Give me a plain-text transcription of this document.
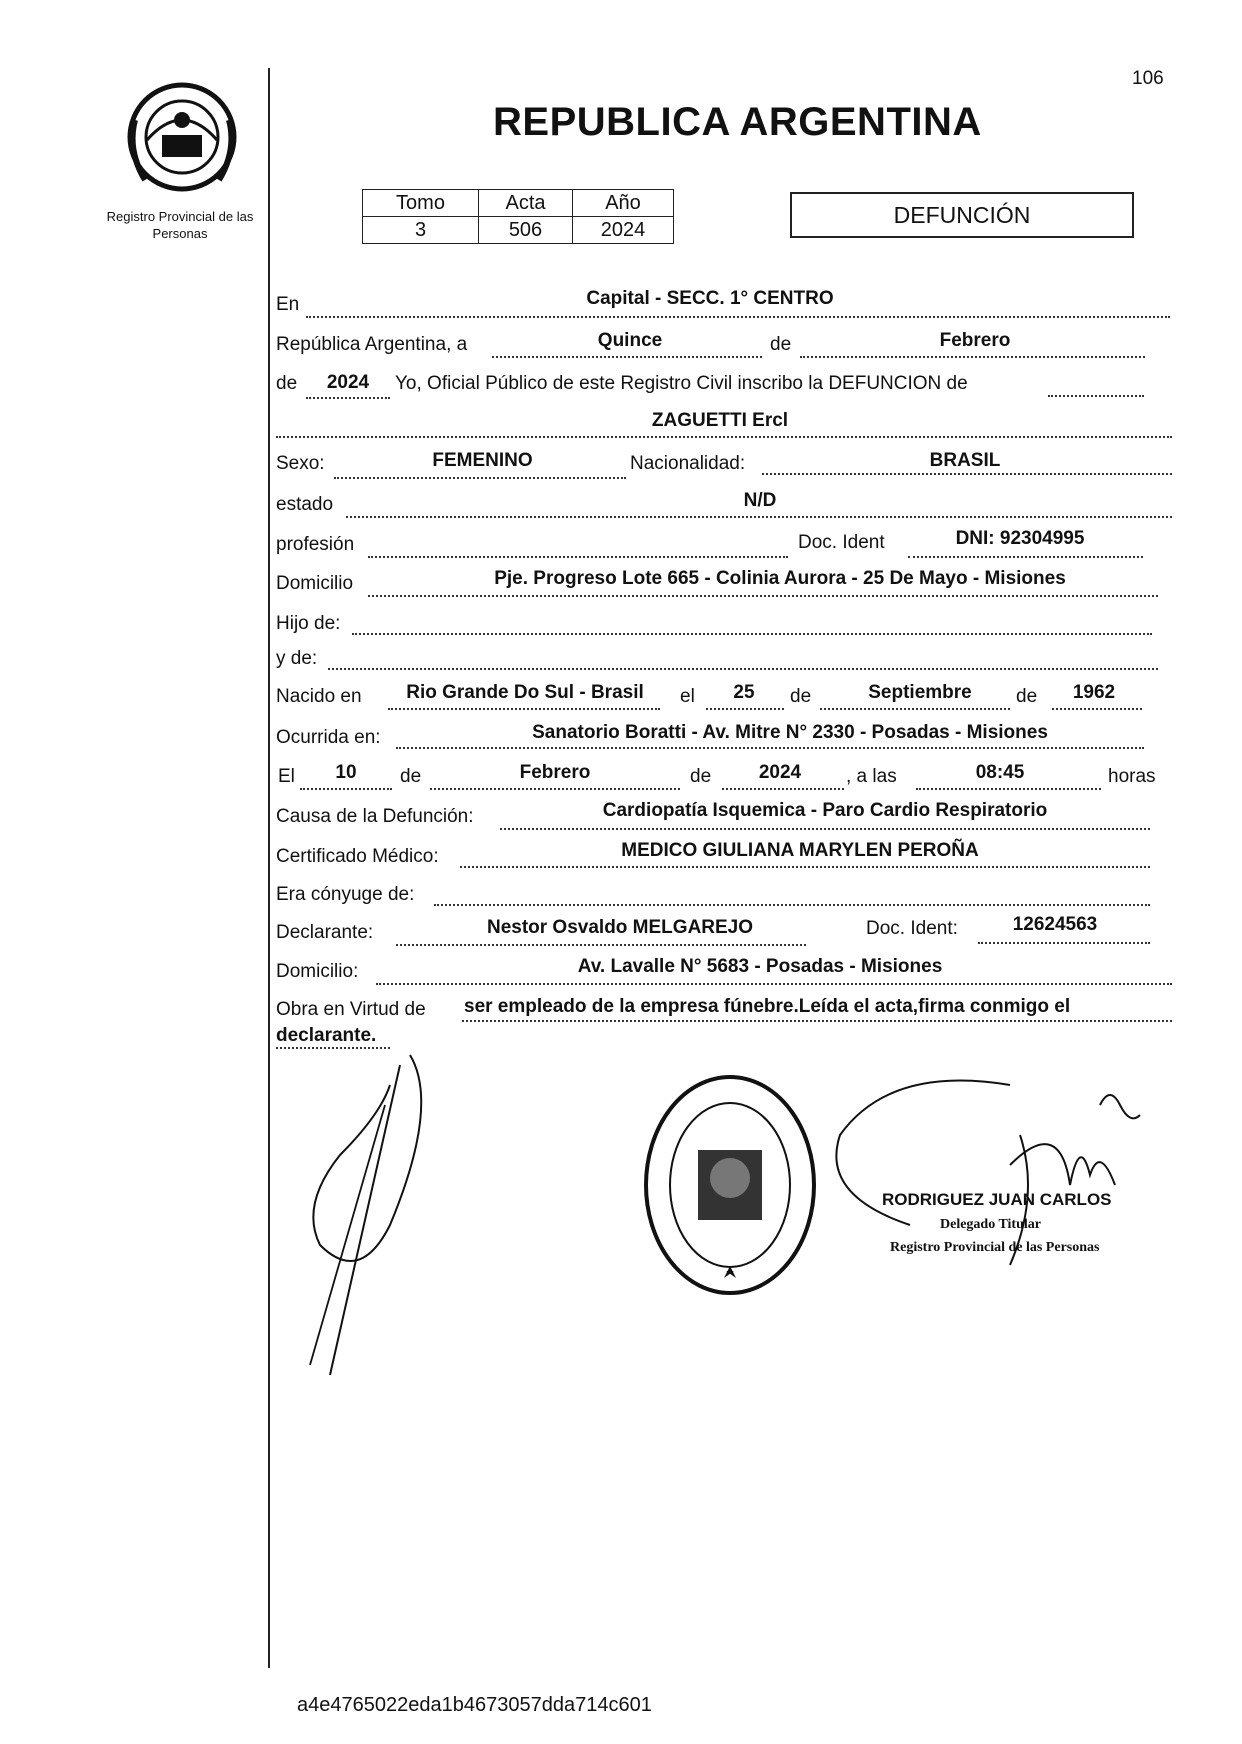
106
REPUBLICA ARGENTINA
Registro Provincial de las Personas
Tomo	Acta	Año
3	506	2024
DEFUNCIÓN
En	Capital - SECC. 1° CENTRO
República Argentina, a	Quince	de	Febrero
de	2024	Yo, Oficial Público de este Registro Civil inscribo la DEFUNCION de
ZAGUETTI Ercl
Sexo:	FEMENINO	Nacionalidad:	BRASIL
estado	N/D
profesión	Doc. Ident	DNI: 92304995
Domicilio	Pje. Progreso Lote 665 - Colinia Aurora - 25 De Mayo - Misiones
Hijo de:
y de:
Nacido en	Rio Grande Do Sul - Brasil	el	25	de	Septiembre	de	1962
Ocurrida en:	Sanatorio Boratti - Av. Mitre N° 2330 - Posadas - Misiones
El	10	de	Febrero	de	2024	, a las	08:45	horas
Causa de la Defunción:	Cardiopatía Isquemica - Paro Cardio Respiratorio
Certificado Médico:	MEDICO GIULIANA MARYLEN PEROÑA
Era cónyuge de:
Declarante:	Nestor Osvaldo MELGAREJO	Doc. Ident:	12624563
Domicilio:	Av. Lavalle N° 5683 - Posadas - Misiones
Obra en Virtud de ser empleado de la empresa fúnebre.Leída el acta,firma conmigo el
declarante.
RODRIGUEZ JUAN CARLOS
Delegado Titular
Registro Provincial de las Personas
a4e4765022eda1b4673057dda714c601
